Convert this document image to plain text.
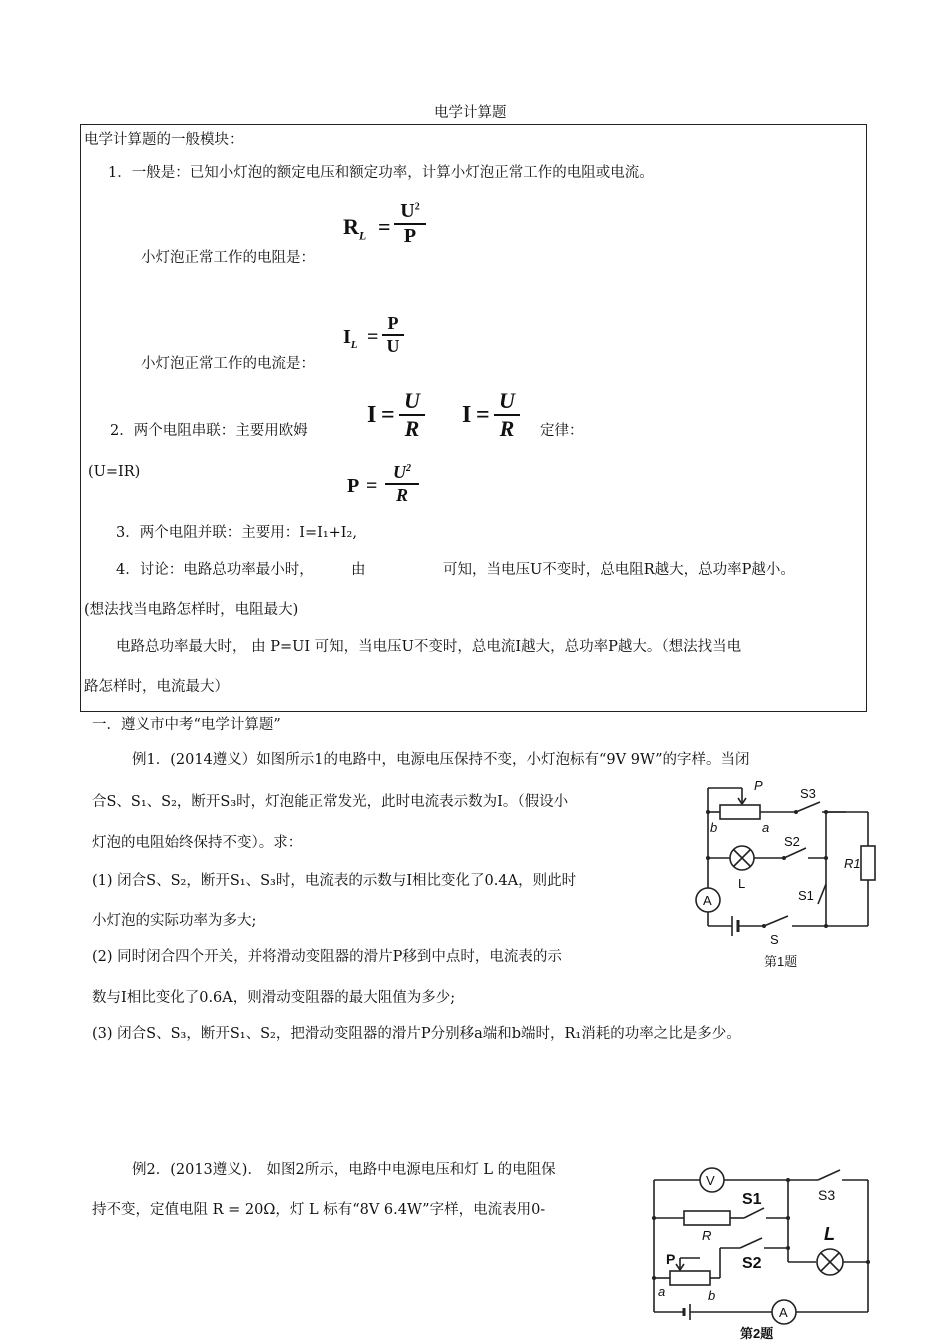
电学计算题
电学计算题的一般模块：
1．一般是：已知小灯泡的额定电压和额定功率，计算小灯泡正常工作的电阻或电流。
$R_L$ =
$U^2$
P
小灯泡正常工作的电阻是：
$I_L$ =
P
U
小灯泡正常工作的电流是：
2．两个电阻串联：主要用欧姆
I =
U
R
I =
U
R 定律：
(U=IR)
P =
$U^2$
R
3．两个电阻并联：主要用：I=I₁+I₂,
4．讨论：电路总功率最小时，	由	可知，当电压U不变时，总电阻R越大，总功率P越小。
(想法找当电路怎样时，电阻最大)
电路总功率最大时， 由 P=UI 可知，当电压U不变时，总电流I越大，总功率P越大。（想法找当电
路怎样时，电流最大）
一．遵义市中考“电学计算题”
例1．(2014遵义）如图所示1的电路中，电源电压保持不变，小灯泡标有“9V 9W”的字样。当闭
合S、S₁、S₂，断开S₃时，灯泡能正常发光，此时电流表示数为I。（假设小
灯泡的电阻始终保持不变）。求：
(1) 闭合S、S₂，断开S₁、S₃时，电流表的示数与I相比变化了0.4A，则此时
小灯泡的实际功率为多大;
(2) 同时闭合四个开关，并将滑动变阻器的滑片P移到中点时，电流表的示
数与I相比变化了0.6A，则滑动变阻器的最大阻值为多少;
(3) 闭合S、S₃，断开S₁、S₂，把滑动变阻器的滑片P分别移a端和b端时，R₁消耗的功率之比是多少。
P
S3
b	a
S2
R1
L
S1
A
S
第1题
例2．(2013遵义)． 如图2所示，电路中电源电压和灯 L 的电阻保
持不变，定值电阻 R = 20Ω，灯 L 标有“8V 6.4W”字样，电流表用0-
V
S1	S3
R	L
P	S2
a	b
A
第2题
